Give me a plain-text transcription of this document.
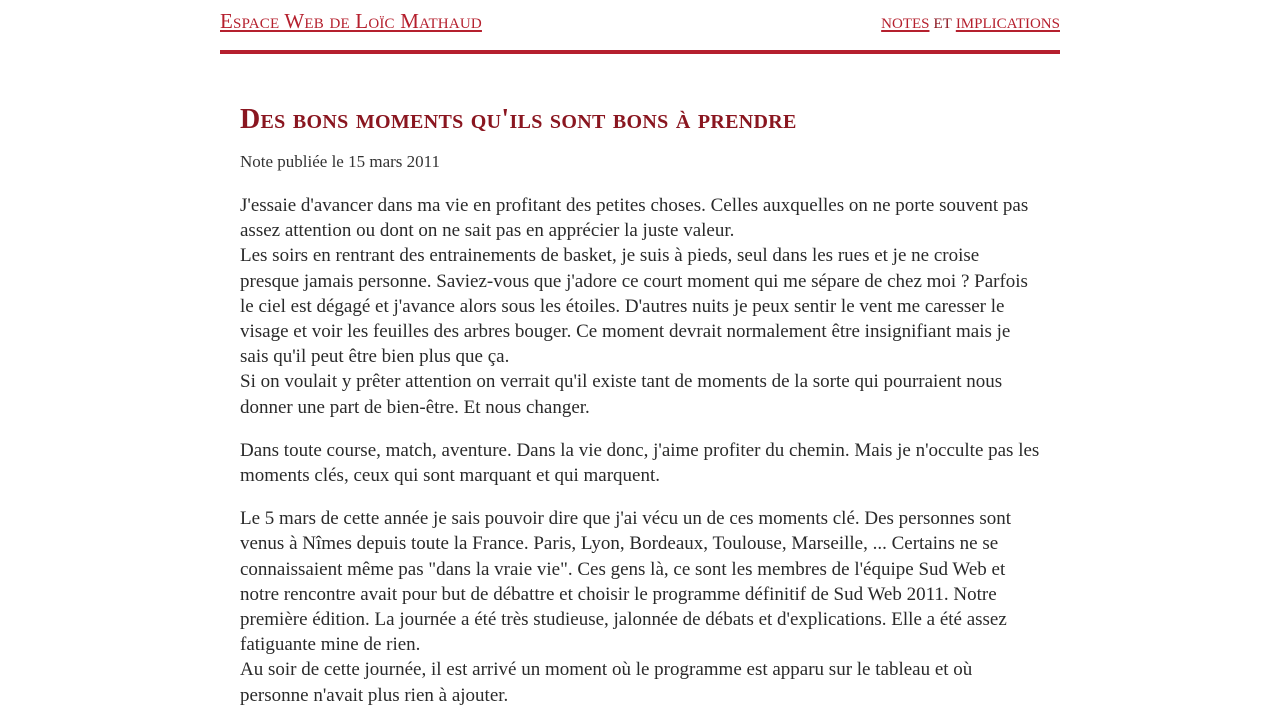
Espace Web de Loïc Mathaud	notes et implications
Des bons moments qu'ils sont bons à prendre
Note publiée le 15 mars 2011

J'essaie d'avancer dans ma vie en profitant des petites choses. Celles auxquelles on ne porte souvent pas assez attention ou dont on ne sait pas en apprécier la juste valeur.
Les soirs en rentrant des entrainements de basket, je suis à pieds, seul dans les rues et je ne croise presque jamais personne. Saviez-vous que j'adore ce court moment qui me sépare de chez moi ? Parfois le ciel est dégagé et j'avance alors sous les étoiles. D'autres nuits je peux sentir le vent me caresser le visage et voir les feuilles des arbres bouger. Ce moment devrait normalement être insignifiant mais je sais qu'il peut être bien plus que ça.
Si on voulait y prêter attention on verrait qu'il existe tant de moments de la sorte qui pourraient nous donner une part de bien-être. Et nous changer.

Dans toute course, match, aventure. Dans la vie donc, j'aime profiter du chemin. Mais je n'occulte pas les moments clés, ceux qui sont marquant et qui marquent.

Le 5 mars de cette année je sais pouvoir dire que j'ai vécu un de ces moments clé. Des personnes sont venus à Nîmes depuis toute la France. Paris, Lyon, Bordeaux, Toulouse, Marseille, ... Certains ne se connaissaient même pas "dans la vraie vie". Ces gens là, ce sont les membres de l'équipe Sud Web et notre rencontre avait pour but de débattre et choisir le programme définitif de Sud Web 2011. Notre première édition. La journée a été très studieuse, jalonnée de débats et d'explications. Elle a été assez fatiguante mine de rien.
Au soir de cette journée, il est arrivé un moment où le programme est apparu sur le tableau et où personne n'avait plus rien à ajouter.
